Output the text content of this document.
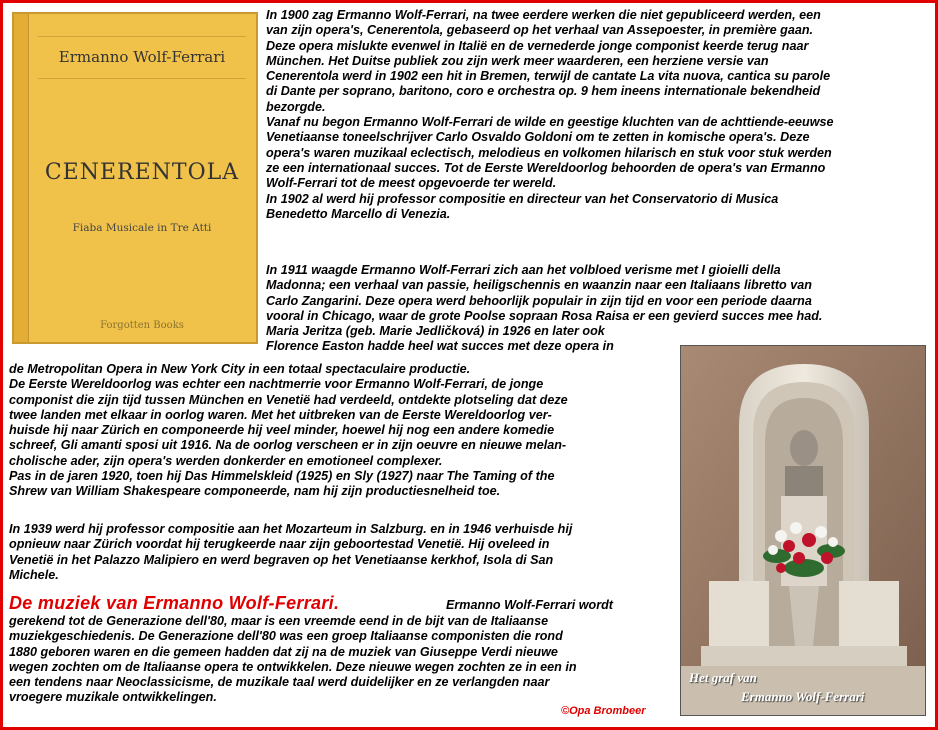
Ermanno Wolf-Ferrari
CENERENTOLA
Fiaba Musicale in Tre Atti
Forgotten Books
In 1900 zag Ermanno Wolf-Ferrari, na twee eerdere werken die niet gepubliceerd werden, een
van zijn opera's, Cenerentola, gebaseerd op het verhaal van Assepoester, in première gaan.
Deze opera mislukte evenwel in Italië en de vernederde jonge componist keerde terug naar
München. Het Duitse publiek zou zijn werk meer waarderen, een herziene versie van
Cenerentola werd in 1902 een hit in Bremen, terwijl de cantate La vita nuova, cantica su parole
di Dante per soprano, baritono, coro e orchestra op. 9 hem ineens internationale bekendheid
bezorgde.
Vanaf nu begon Ermanno Wolf-Ferrari de wilde en geestige kluchten van de achttiende-eeuwse
Venetiaanse toneelschrijver Carlo Osvaldo Goldoni om te zetten in komische opera's. Deze
opera's waren muzikaal eclectisch, melodieus en volkomen hilarisch en stuk voor stuk werden
ze een internationaal succes. Tot de Eerste Wereldoorlog behoorden de opera's van Ermanno
Wolf-Ferrari tot de meest opgevoerde ter wereld.
In 1902 al werd hij professor compositie en directeur van het Conservatorio di Musica
Benedetto Marcello di Venezia.
In 1911 waagde Ermanno Wolf-Ferrari zich aan het volbloed verisme met I gioielli della
Madonna; een verhaal van passie, heiligschennis en waanzin naar een Italiaans libretto van
Carlo Zangarini. Deze opera werd behoorlijk populair in zijn tijd en voor een periode daarna
vooral in Chicago, waar de grote Poolse sopraan Rosa Raisa er een gevierd succes mee had.
Maria Jeritza (geb. Marie Jedličková) in 1926 en later ook
Florence Easton hadde heel wat succes met deze opera in
de Metropolitan Opera in New York City in een totaal spectaculaire productie.
De Eerste Wereldoorlog was echter een nachtmerrie voor Ermanno Wolf-Ferrari, de jonge
componist die zijn tijd tussen München en Venetië had verdeeld, ontdekte plotseling dat deze
twee landen met elkaar in oorlog waren. Met het uitbreken van de Eerste Wereldoorlog ver-
huisde hij naar Zürich en componeerde hij veel minder, hoewel hij nog een andere komedie
schreef, Gli amanti sposi uit 1916. Na de oorlog verscheen er in zijn oeuvre en nieuwe melan-
cholische ader, zijn opera's werden donkerder en emotioneel complexer.
Pas in de jaren 1920, toen hij Das Himmelskleid (1925) en Sly (1927) naar The Taming of the
Shrew van William Shakespeare componeerde, nam hij zijn productiesnelheid toe.
In 1939 werd hij professor compositie aan het Mozarteum in Salzburg. en in 1946 verhuisde hij
opnieuw naar Zürich voordat hij terugkeerde naar zijn geboortestad Venetië. Hij oveleed in
Venetië in het Palazzo Malipiero en werd begraven op het Venetiaanse kerkhof, Isola di San
Michele.
De muziek van Ermanno Wolf-Ferrari.	Ermanno Wolf-Ferrari wordt
gerekend tot de Generazione dell'80, maar is een vreemde eend in de bijt van de Italiaanse
muziekgeschiedenis. De Generazione dell'80 was een groep Italiaanse componisten die rond
1880 geboren waren en die gemeen hadden dat zij na de muziek van Giuseppe Verdi nieuwe
wegen zochten om de Italiaanse opera te ontwikkelen. Deze nieuwe wegen zochten ze in een in
een tendens naar Neoclassicisme, de muzikale taal werd duidelijker en ze verlangden naar
vroegere muzikale ontwikkelingen.
Het graf van
Ermanno Wolf-Ferrari
©Opa Brombeer
